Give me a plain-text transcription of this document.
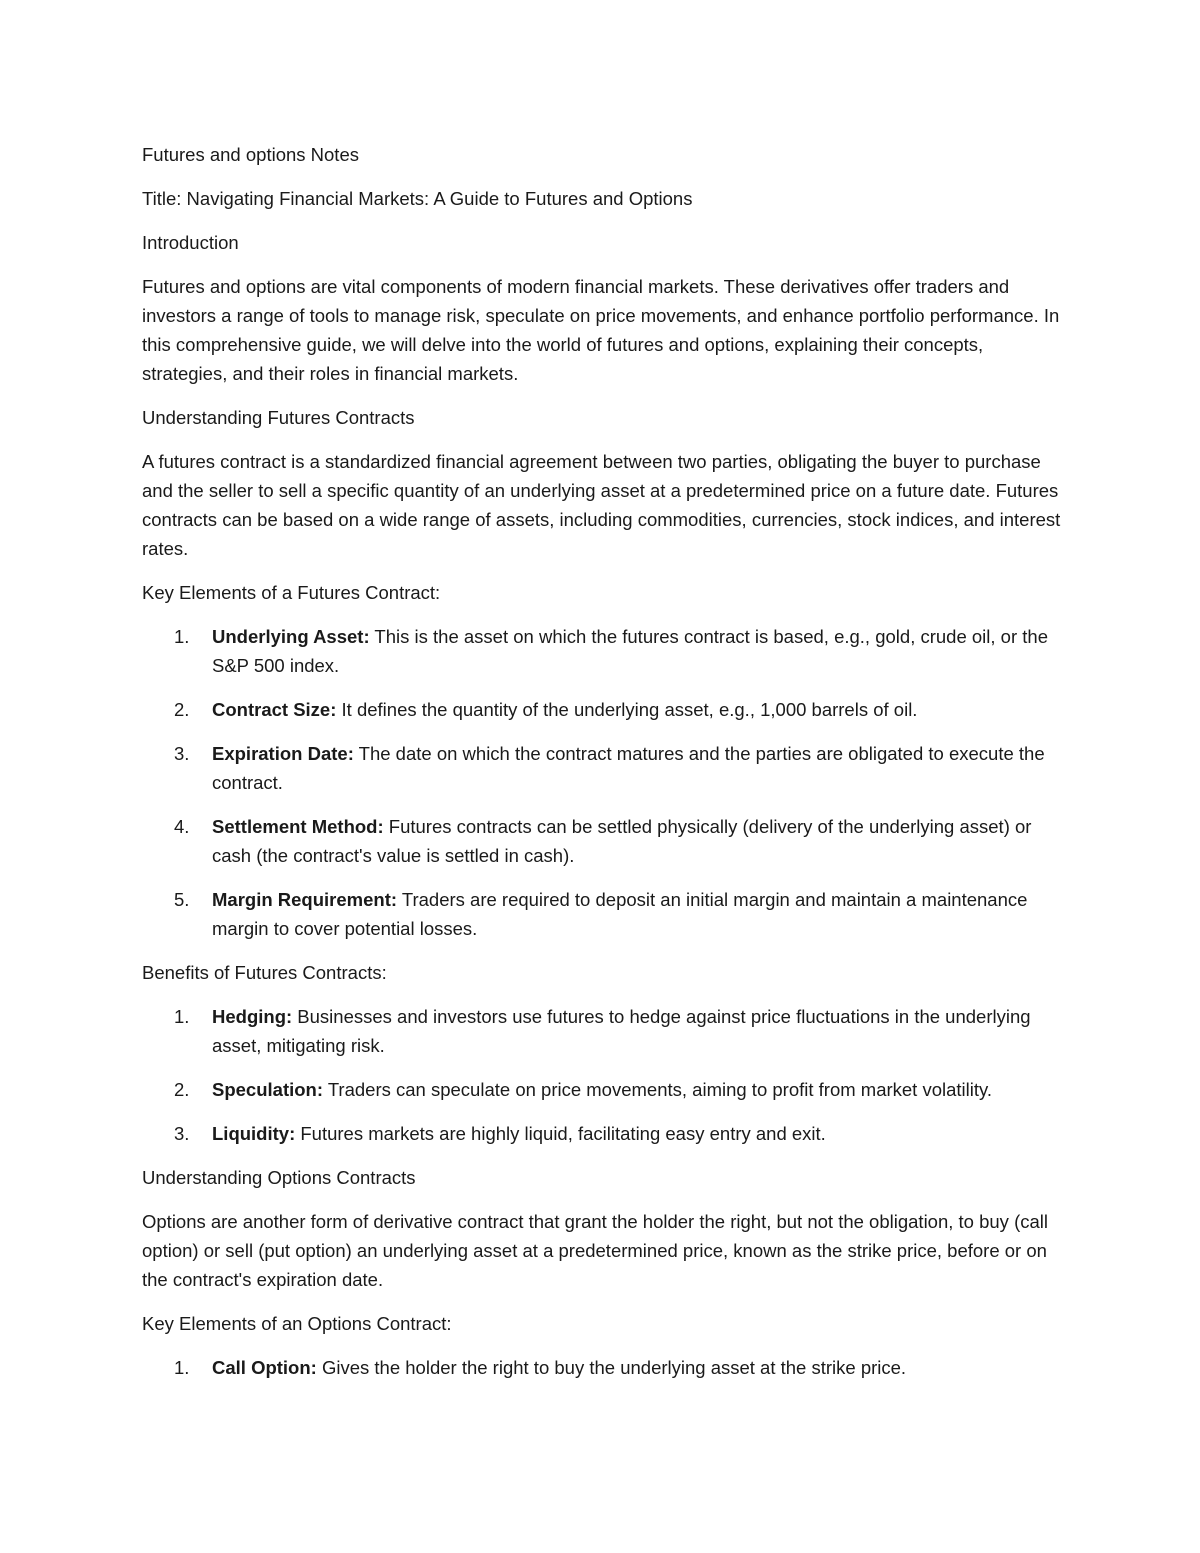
Futures and options Notes

Title: Navigating Financial Markets: A Guide to Futures and Options

Introduction

Futures and options are vital components of modern financial markets. These derivatives offer traders and investors a range of tools to manage risk, speculate on price movements, and enhance portfolio performance. In this comprehensive guide, we will delve into the world of futures and options, explaining their concepts, strategies, and their roles in financial markets.

Understanding Futures Contracts

A futures contract is a standardized financial agreement between two parties, obligating the buyer to purchase and the seller to sell a specific quantity of an underlying asset at a predetermined price on a future date. Futures contracts can be based on a wide range of assets, including commodities, currencies, stock indices, and interest rates.

Key Elements of a Futures Contract:

1. Underlying Asset: This is the asset on which the futures contract is based, e.g., gold, crude oil, or the S&P 500 index.
2. Contract Size: It defines the quantity of the underlying asset, e.g., 1,000 barrels of oil.
3. Expiration Date: The date on which the contract matures and the parties are obligated to execute the contract.
4. Settlement Method: Futures contracts can be settled physically (delivery of the underlying asset) or cash (the contract's value is settled in cash).
5. Margin Requirement: Traders are required to deposit an initial margin and maintain a maintenance margin to cover potential losses.

Benefits of Futures Contracts:

1. Hedging: Businesses and investors use futures to hedge against price fluctuations in the underlying asset, mitigating risk.
2. Speculation: Traders can speculate on price movements, aiming to profit from market volatility.
3. Liquidity: Futures markets are highly liquid, facilitating easy entry and exit.

Understanding Options Contracts

Options are another form of derivative contract that grant the holder the right, but not the obligation, to buy (call option) or sell (put option) an underlying asset at a predetermined price, known as the strike price, before or on the contract's expiration date.

Key Elements of an Options Contract:

1. Call Option: Gives the holder the right to buy the underlying asset at the strike price.
